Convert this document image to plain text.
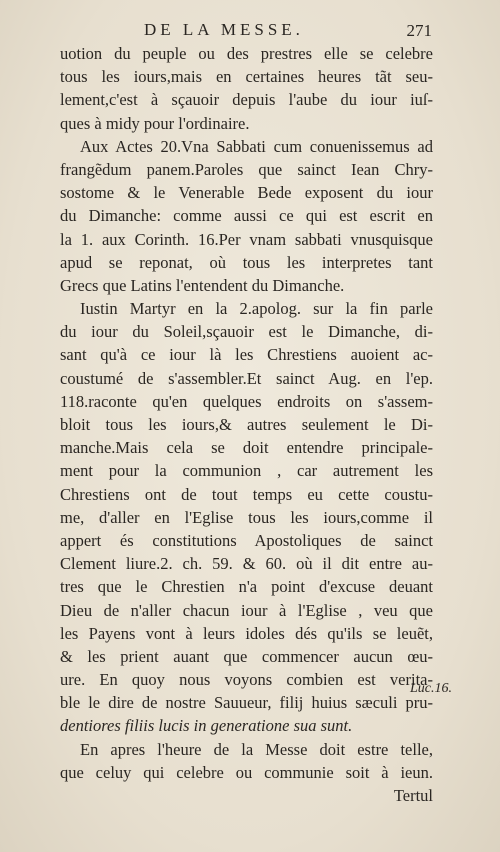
DE LA MESSE.	271
uotion du peuple ou des prestres elle se celebre
tous les iours,mais en certaines heures tãt seu-
lement,c'est à sçauoir depuis l'aube du iour iuſ-
ques à midy pour l'ordinaire.
Aux Actes 20.Vna Sabbati cum conuenissemus ad
frangẽdum panem.Paroles que sainct Iean Chry-
sostome & le Venerable Bede exposent du iour
du Dimanche: comme aussi ce qui est escrit en
la 1. aux Corinth. 16.Per vnam sabbati vnusquisque
apud se reponat, où tous les interpretes tant
Grecs que Latins l'entendent du Dimanche.
Iustin Martyr en la 2.apolog. sur la fin parle
du iour du Soleil,sçauoir est le Dimanche, di-
sant qu'à ce iour là les Chrestiens auoient ac-
coustumé de s'assembler.Et sainct Aug. en l'ep.
118.raconte qu'en quelques endroits on s'assem-
bloit tous les iours,& autres seulement le Di-
manche.Mais cela se doit entendre principale-
ment pour la communion , car autrement les
Chrestiens ont de tout temps eu cette coustu-
me, d'aller en l'Eglise tous les iours,comme il
appert és constitutions Apostoliques de sainct
Clement liure.2. ch. 59. & 60. où il dit entre au-
tres que le Chrestien n'a point d'excuse deuant
Dieu de n'aller chacun iour à l'Eglise , veu que
les Payens vont à leurs idoles dés qu'ils se leuẽt,
& les prient auant que commencer aucun œu-
ure. En quoy nous voyons combien est verita-
ble le dire de nostre Sauueur, filij huius sæculi pru-
dentiores filiis lucis in generatione sua sunt.
En apres l'heure de la Messe doit estre telle,
que celuy qui celebre ou communie soit à ieun.
Tertul
Luc.16.
